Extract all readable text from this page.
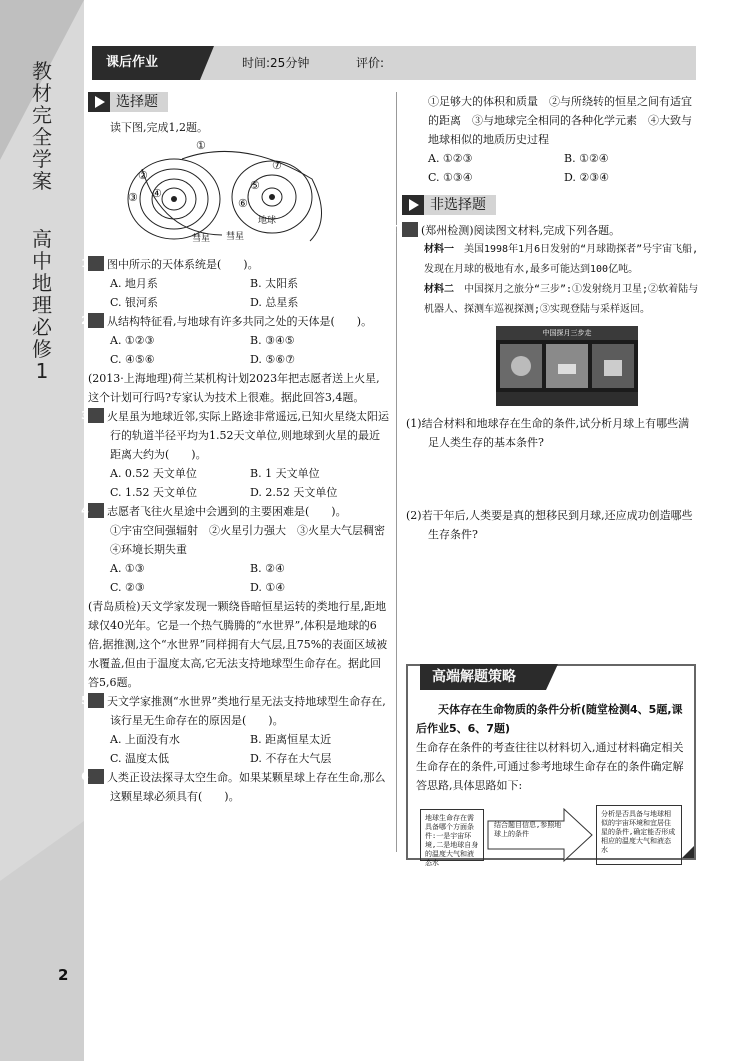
教材完全学案
高中地理 必修1
2
课后作业	时间:25分钟	评价:
选择题

读下图,完成1,2题。

①
②
③ ④
⑤
⑥
⑦
地球
彗星 彗星

1 图中所示的天体系统是(　　)。

A. 地月系	B. 太阳系
C. 银河系	D. 总星系

2 从结构特征看,与地球有许多共同之处的天体是(　　)。

A. ①②③	B. ③④⑤
C. ④⑤⑥	D. ⑤⑥⑦

(2013·上海地理)荷兰某机构计划2023年把志愿者送上火星,这个计划可行吗?专家认为技术上很难。据此回答3,4题。

3 火星虽为地球近邻,实际上路途非常遥远,已知火星绕太阳运行的轨道半径平均为1.52天文单位,则地球到火星的最近距离大约为(　　)。

A. 0.52 天文单位	B. 1 天文单位
C. 1.52 天文单位	D. 2.52 天文单位

4 志愿者飞往火星途中会遇到的主要困难是(　　)。

①宇宙空间强辐射　②火星引力强大　③火星大气层稠密　④环境长期失重

A. ①③	B. ②④
C. ②③	D. ①④

(青岛质检)天文学家发现一颗绕昏暗恒星运转的类地行星,距地球仅40光年。它是一个热气腾腾的“水世界”,体积是地球的6倍,据推测,这个“水世界”同样拥有大气层,且75%的表面区域被水覆盖,但由于温度太高,它无法支持地球型生命存在。据此回答5,6题。

5 天文学家推测“水世界”类地行星无法支持地球型生命存在,该行星无生命存在的原因是(　　)。

A. 上面没有水	B. 距离恒星太近
C. 温度太低	D. 不存在大气层

6 人类正设法探寻太空生命。如果某颗星球上存在生命,那么这颗星球必须具有(　　)。

①足够大的体积和质量　②与所绕转的恒星之间有适宜的距离　③与地球完全相同的各种化学元素　④大致与地球相似的地质历史过程

A. ①②③	B. ①②④
C. ①③④	D. ②③④
非选择题

7 (郑州检测)阅读图文材料,完成下列各题。

材料一　 美国1998年1月6日发射的“月球勘探者”号宇宙飞船,发现在月球的极地有水,最多可能达到100亿吨。

材料二　 中国探月之旅分“三步”:①发射绕月卫星;②软着陆与机器人、探测车巡视探测;③实现登陆与采样返回。

中国探月三步走

(1)结合材料和地球存在生命的条件,试分析月球上有哪些满足人类生存的基本条件?

(2)若干年后,人类要是真的想移民到月球,还应成功创造哪些生存条件?

高端解题策略

天体存在生命物质的条件分析(随堂检测4、5题,课后作业5、6、7题)

生命存在条件的考查往往以材料切入,通过材料确定相关生命存在的条件,可通过参考地球生命存在的条件确定解答思路,具体思路如下:

地球生命存在需具备哪个方面条件:一是宇宙环境,二是地球自身的温度大气和液态水
结合题目信息,参照地球上的条件
分析是否具备与地球相似的宇宙环境和宜居住星的条件,确定能否形成相应的温度大气和液态水
